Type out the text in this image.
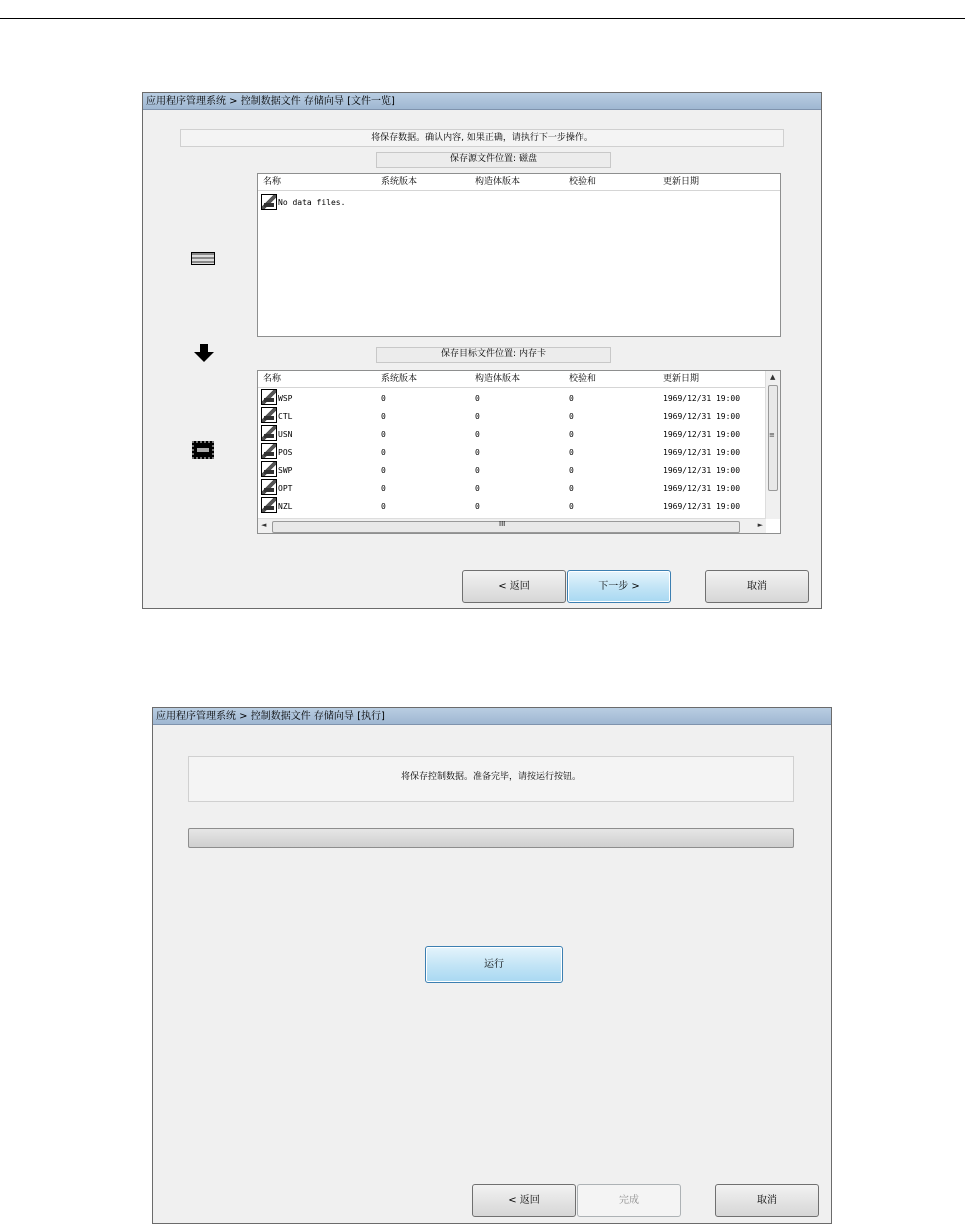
应用程序管理系统 > 控制数据文件 存储向导 [文件一览]
将保存数据。确认内容, 如果正确，请执行下一步操作。
保存源文件位置: 磁盘
名称	系统版本	构造体版本	校验和	更新日期
No data files.
保存目标文件位置: 内存卡
名称	系统版本	构造体版本	校验和	更新日期
WSP	0	0	0	1969/12/31 19:00
CTL	0	0	0	1969/12/31 19:00
USN	0	0	0	1969/12/31 19:00
POS	0	0	0	1969/12/31 19:00
SWP	0	0	0	1969/12/31 19:00
OPT	0	0	0	1969/12/31 19:00
NZL	0	0	0	1969/12/31 19:00
▲
≡
◄	III	►
< 返回	下一步 >	取消
应用程序管理系统 > 控制数据文件 存储向导 [执行]
将保存控制数据。准备完毕，请按运行按钮。
运行
< 返回	完成	取消
